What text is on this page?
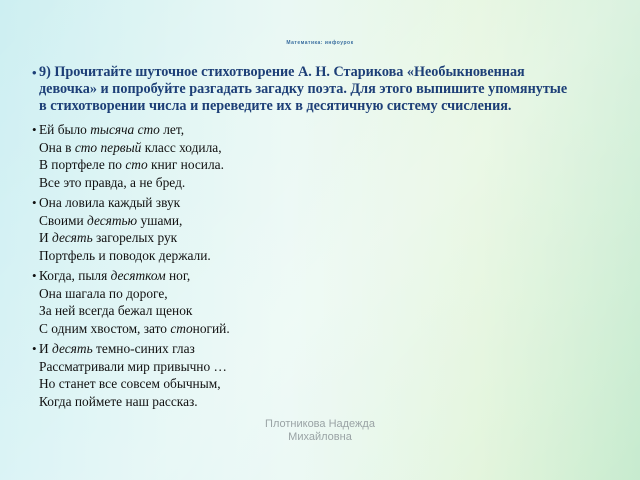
Математика: инфоурок
• 9) Прочитайте шуточное стихотворение А. Н. Старикова «Необыкновенная
девочка» и попробуйте разгадать загадку поэта. Для этого выпишите упомянутые
в стихотворении числа и переведите их в десятичную систему счисления.
• Ей было тысяча сто лет,
Она в сто первый класс ходила,
В портфеле по сто книг носила.
Все это правда, а не бред.
• Она ловила каждый звук
Своими десятью ушами,
И десять загорелых рук
Портфель и поводок держали.
• Когда, пыля десятком ног,
Она шагала по дороге,
За ней всегда бежал щенок
С одним хвостом, зато стоногий.
• И десять темно-синих глаз
Рассматривали мир привычно …
Но станет все совсем обычным,
Когда поймете наш рассказ.
Плотникова Надежда
Михайловна
